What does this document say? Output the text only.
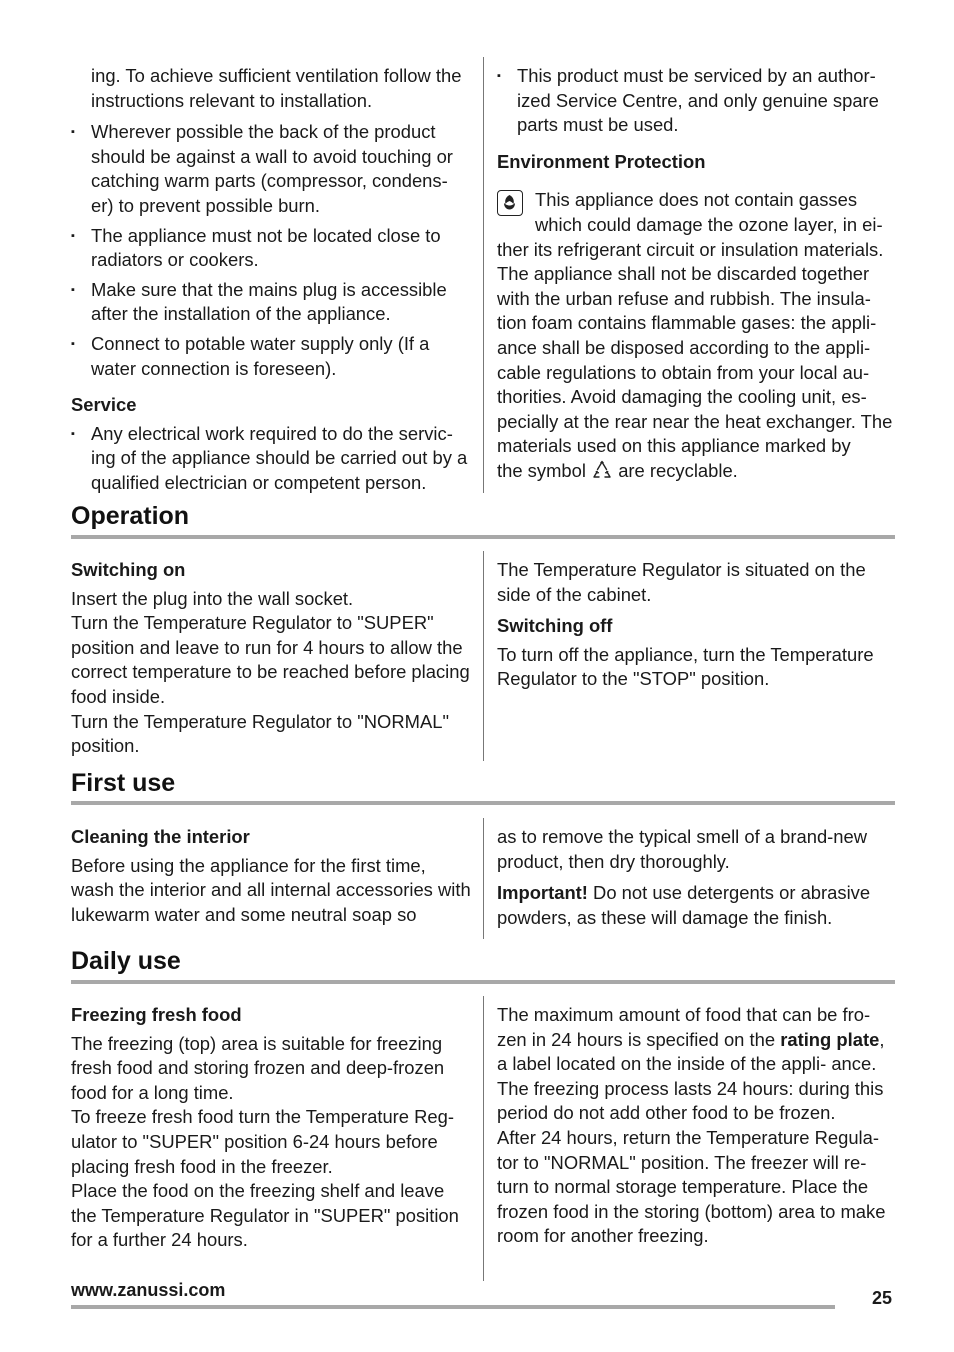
ing. To achieve sufficient ventilation follow the instructions relevant to installation.

▪ Wherever possible the back of the product should be against a wall to avoid touching or catching warm parts (compressor, condens- er) to prevent possible burn.
▪ The appliance must not be located close to radiators or cookers.
▪ Make sure that the mains plug is accessible after the installation of the appliance.
▪ Connect to potable water supply only (If a water connection is foreseen).
Service
▪ Any electrical work required to do the servic- ing of the appliance should be carried out by a qualified electrician or competent person.
▪ This product must be serviced by an author- ized Service Centre, and only genuine spare parts must be used.
Environment Protection
This appliance does not contain gasses which could damage the ozone layer, in ei- ther its refrigerant circuit or insulation materials. The appliance shall not be discarded together with the urban refuse and rubbish. The insula- tion foam contains flammable gases: the appli- ance shall be disposed according to the appli- cable regulations to obtain from your local au- thorities. Avoid damaging the cooling unit, es- pecially at the rear near the heat exchanger. The materials used on this appliance marked by
the symbol are recyclable.
Operation
Switching on

Insert the plug into the wall socket.

Turn the Temperature Regulator to "SUPER" position and leave to run for 4 hours to allow the correct temperature to be reached before placing food inside.

Turn the Temperature Regulator to "NORMAL" position.

The Temperature Regulator is situated on the side of the cabinet.

Switching off

To turn off the appliance, turn the Temperature Regulator to the "STOP" position.

First use
Cleaning the interior

Before using the appliance for the first time, wash the interior and all internal accessories with lukewarm water and some neutral soap so

as to remove the typical smell of a brand-new product, then dry thoroughly.

Important! Do not use detergents or abrasive powders, as these will damage the finish.

Daily use
Freezing fresh food

The freezing (top) area is suitable for freezing fresh food and storing frozen and deep-frozen food for a long time.

To freeze fresh food turn the Temperature Reg- ulator to "SUPER" position 6-24 hours before placing fresh food in the freezer.

Place the food on the freezing shelf and leave the Temperature Regulator in "SUPER" position for a further 24 hours.

The maximum amount of food that can be fro- zen in 24 hours is specified on the rating plate, a label located on the inside of the appli- ance.

The freezing process lasts 24 hours: during this period do not add other food to be frozen.

After 24 hours, return the Temperature Regula- tor to "NORMAL" position. The freezer will re- turn to normal storage temperature. Place the frozen food in the storing (bottom) area to make room for another freezing.

www.zanussi.com	25
